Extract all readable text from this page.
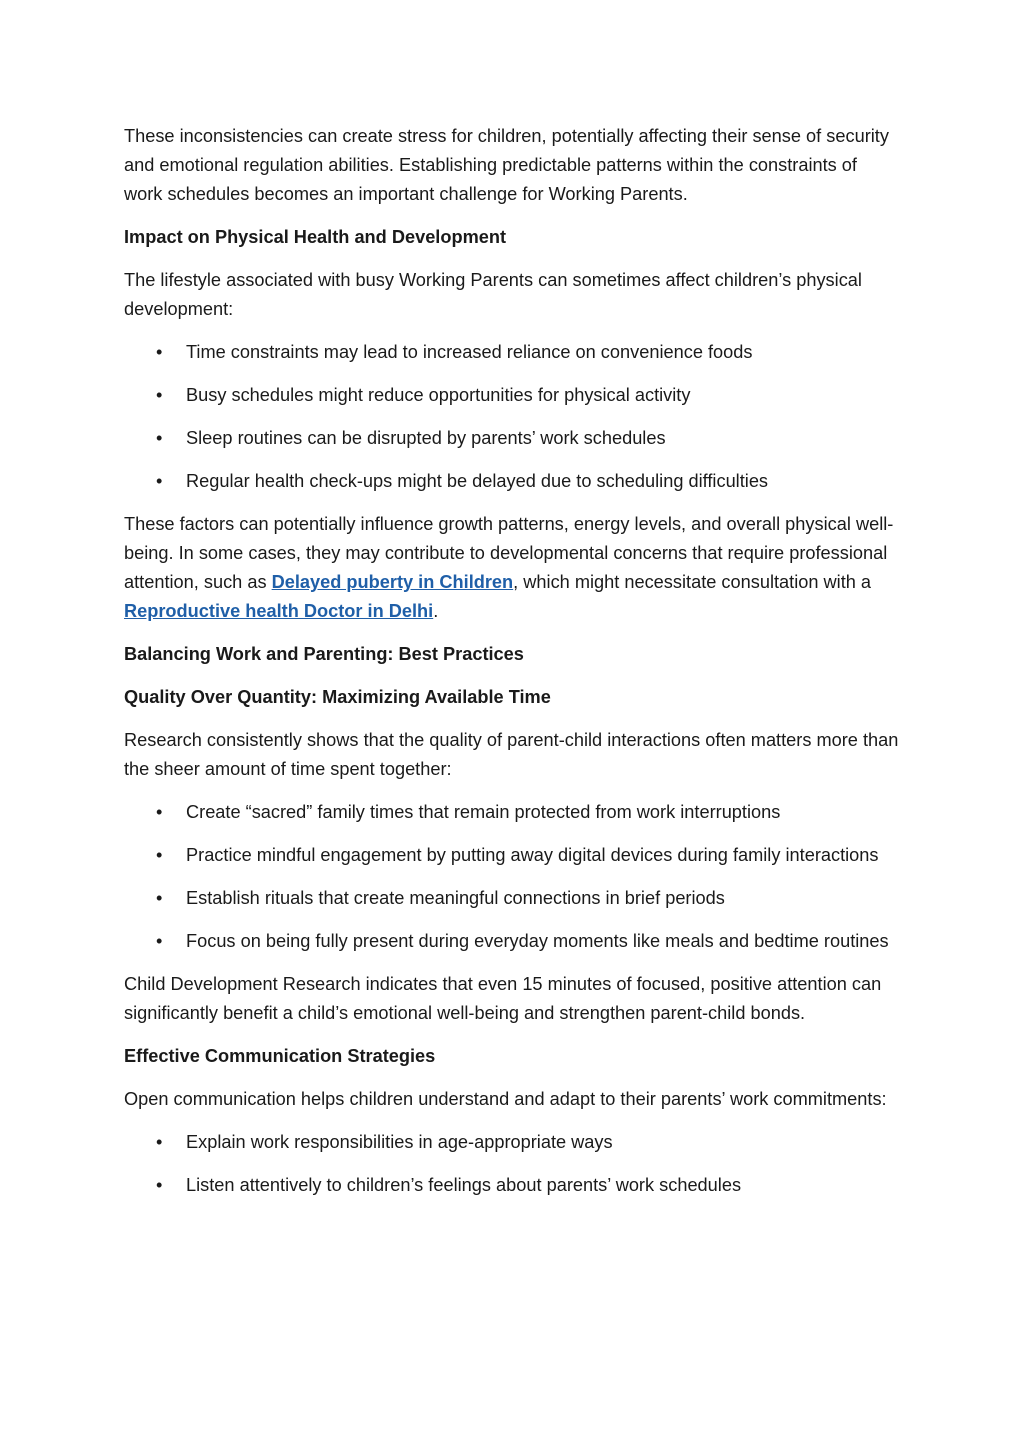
These inconsistencies can create stress for children, potentially affecting their sense of security and emotional regulation abilities. Establishing predictable patterns within the constraints of work schedules becomes an important challenge for Working Parents.

Impact on Physical Health and Development

The lifestyle associated with busy Working Parents can sometimes affect children’s physical development:

• Time constraints may lead to increased reliance on convenience foods
• Busy schedules might reduce opportunities for physical activity
• Sleep routines can be disrupted by parents’ work schedules
• Regular health check-ups might be delayed due to scheduling difficulties

These factors can potentially influence growth patterns, energy levels, and overall physical well-being. In some cases, they may contribute to developmental concerns that require professional attention, such as Delayed puberty in Children, which might necessitate consultation with a Reproductive health Doctor in Delhi.

Balancing Work and Parenting: Best Practices
Quality Over Quantity: Maximizing Available Time

Research consistently shows that the quality of parent-child interactions often matters more than the sheer amount of time spent together:

• Create “sacred” family times that remain protected from work interruptions
• Practice mindful engagement by putting away digital devices during family interactions
• Establish rituals that create meaningful connections in brief periods
• Focus on being fully present during everyday moments like meals and bedtime routines

Child Development Research indicates that even 15 minutes of focused, positive attention can significantly benefit a child’s emotional well-being and strengthen parent-child bonds.

Effective Communication Strategies

Open communication helps children understand and adapt to their parents’ work commitments:

• Explain work responsibilities in age-appropriate ways
• Listen attentively to children’s feelings about parents’ work schedules
